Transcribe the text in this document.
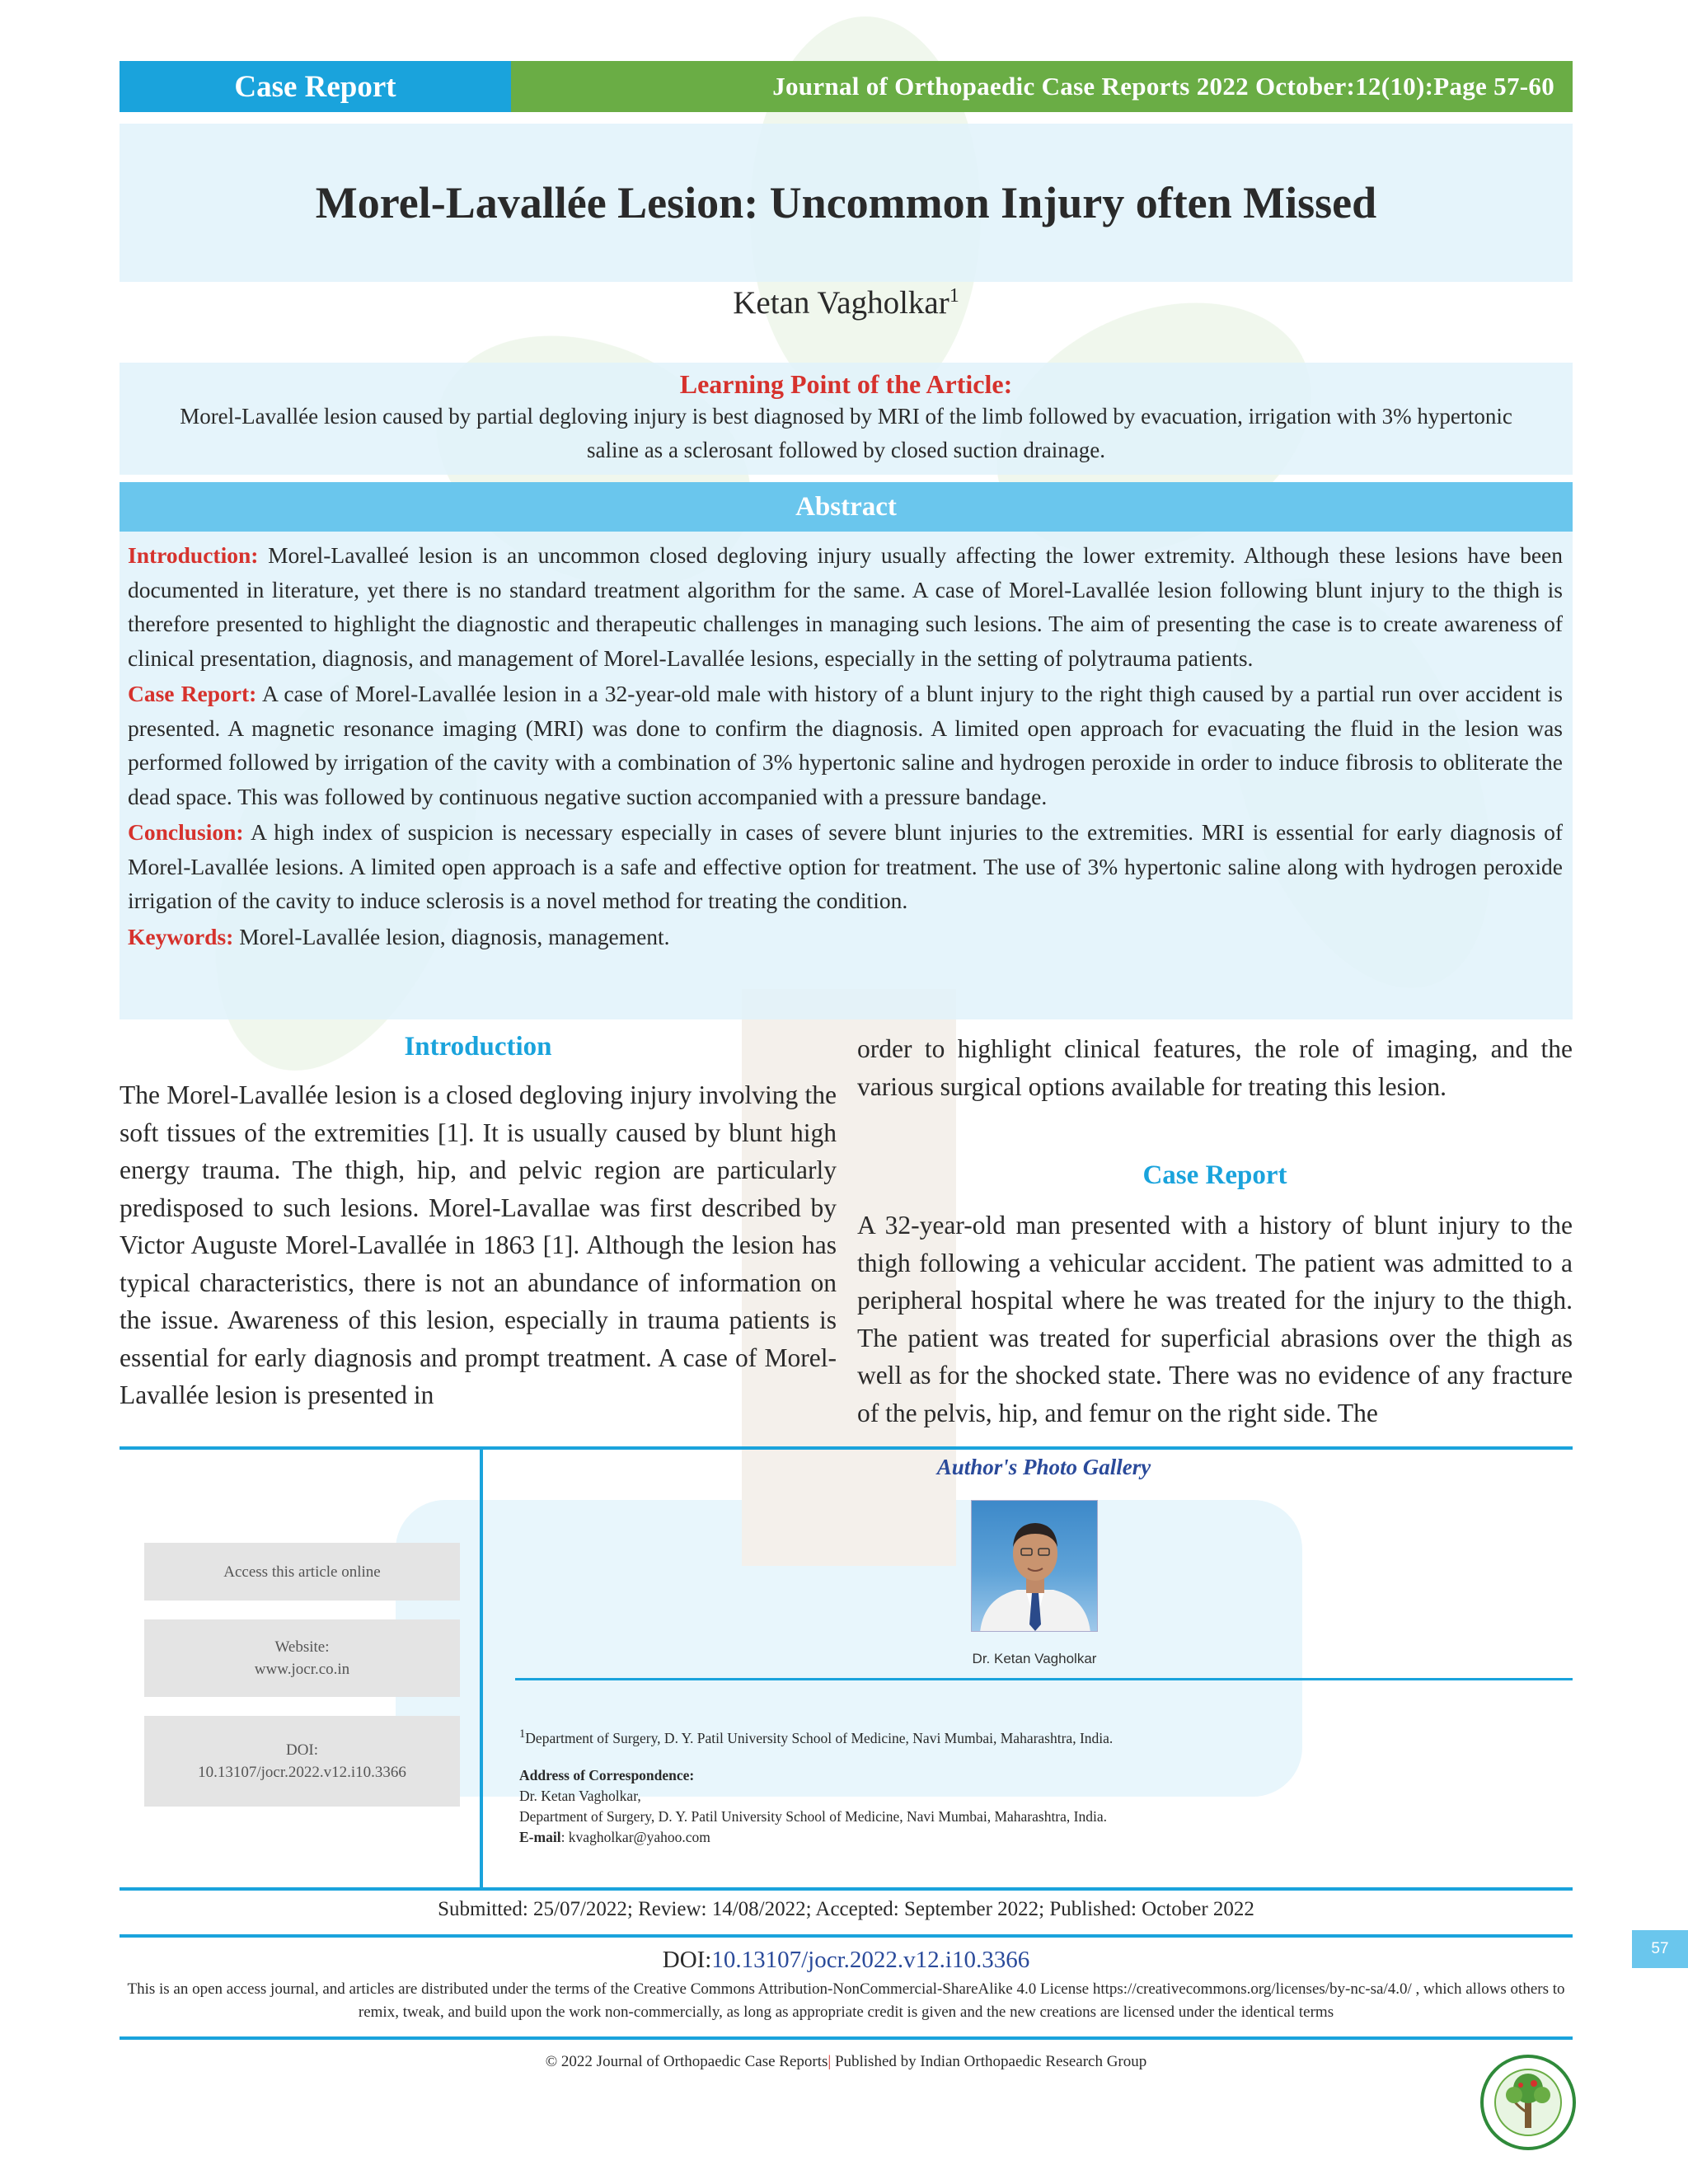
Case Report	Journal of Orthopaedic Case Reports 2022 October:12(10):Page 57-60
Morel-Lavallée Lesion: Uncommon Injury often Missed
Ketan Vagholkar$^1$
Learning Point of the Article:
Morel-Lavallée lesion caused by partial degloving injury is best diagnosed by MRI of the limb followed by evacuation, irrigation with 3% hypertonic saline as a sclerosant followed by closed suction drainage.
Abstract

Introduction: Morel-Lavalleé lesion is an uncommon closed degloving injury usually affecting the lower extremity. Although these lesions have been documented in literature, yet there is no standard treatment algorithm for the same. A case of Morel-Lavallée lesion following blunt injury to the thigh is therefore presented to highlight the diagnostic and therapeutic challenges in managing such lesions. The aim of presenting the case is to create awareness of clinical presentation, diagnosis, and management of Morel-Lavallée lesions, especially in the setting of polytrauma patients.

Case Report: A case of Morel-Lavallée lesion in a 32-year-old male with history of a blunt injury to the right thigh caused by a partial run over accident is presented. A magnetic resonance imaging (MRI) was done to confirm the diagnosis. A limited open approach for evacuating the fluid in the lesion was performed followed by irrigation of the cavity with a combination of 3% hypertonic saline and hydrogen peroxide in order to induce fibrosis to obliterate the dead space. This was followed by continuous negative suction accompanied with a pressure bandage.

Conclusion: A high index of suspicion is necessary especially in cases of severe blunt injuries to the extremities. MRI is essential for early diagnosis of Morel-Lavallée lesions. A limited open approach is a safe and effective option for treatment. The use of 3% hypertonic saline along with hydrogen peroxide irrigation of the cavity to induce sclerosis is a novel method for treating the condition.

Keywords: Morel-Lavallée lesion, diagnosis, management.

Introduction
The Morel-Lavallée lesion is a closed degloving injury involving the soft tissues of the extremities [1]. It is usually caused by blunt high energy trauma. The thigh, hip, and pelvic region are particularly predisposed to such lesions. Morel-Lavallae was first described by Victor Auguste Morel-Lavallée in 1863 [1]. Although the lesion has typical characteristics, there is not an abundance of information on the issue. Awareness of this lesion, especially in trauma patients is essential for early diagnosis and prompt treatment. A case of Morel-Lavallée lesion is presented in
order to highlight clinical features, the role of imaging, and the various surgical options available for treating this lesion.
Case Report
A 32-year-old man presented with a history of blunt injury to the thigh following a vehicular accident. The patient was admitted to a peripheral hospital where he was treated for the injury to the thigh. The patient was treated for superficial abrasions over the thigh as well as for the shocked state. There was no evidence of any fracture of the pelvis, hip, and femur on the right side. The
Access this article online
Website:
www.jocr.co.in
DOI:
10.13107/jocr.2022.v12.i10.3366
Author's Photo Gallery
Dr. Ketan Vagholkar
$^1$Department of Surgery, D. Y. Patil University School of Medicine, Navi Mumbai, Maharashtra, India.
Address of Correspondence:
Dr. Ketan Vagholkar,
Department of Surgery, D. Y. Patil University School of Medicine, Navi Mumbai, Maharashtra, India.
E-mail: kvagholkar@yahoo.com
Submitted: 25/07/2022; Review: 14/08/2022; Accepted: September 2022; Published: October 2022
DOI:10.13107/jocr.2022.v12.i10.3366
This is an open access journal, and articles are distributed under the terms of the Creative Commons Attribution-NonCommercial-ShareAlike 4.0 License https://creativecommons.org/licenses/by-nc-sa/4.0/ , which allows others to remix, tweak, and build upon the work non-commercially, as long as appropriate credit is given and the new creations are licensed under the identical terms
© 2022 Journal of Orthopaedic Case Reports| Published by Indian Orthopaedic Research Group
57
